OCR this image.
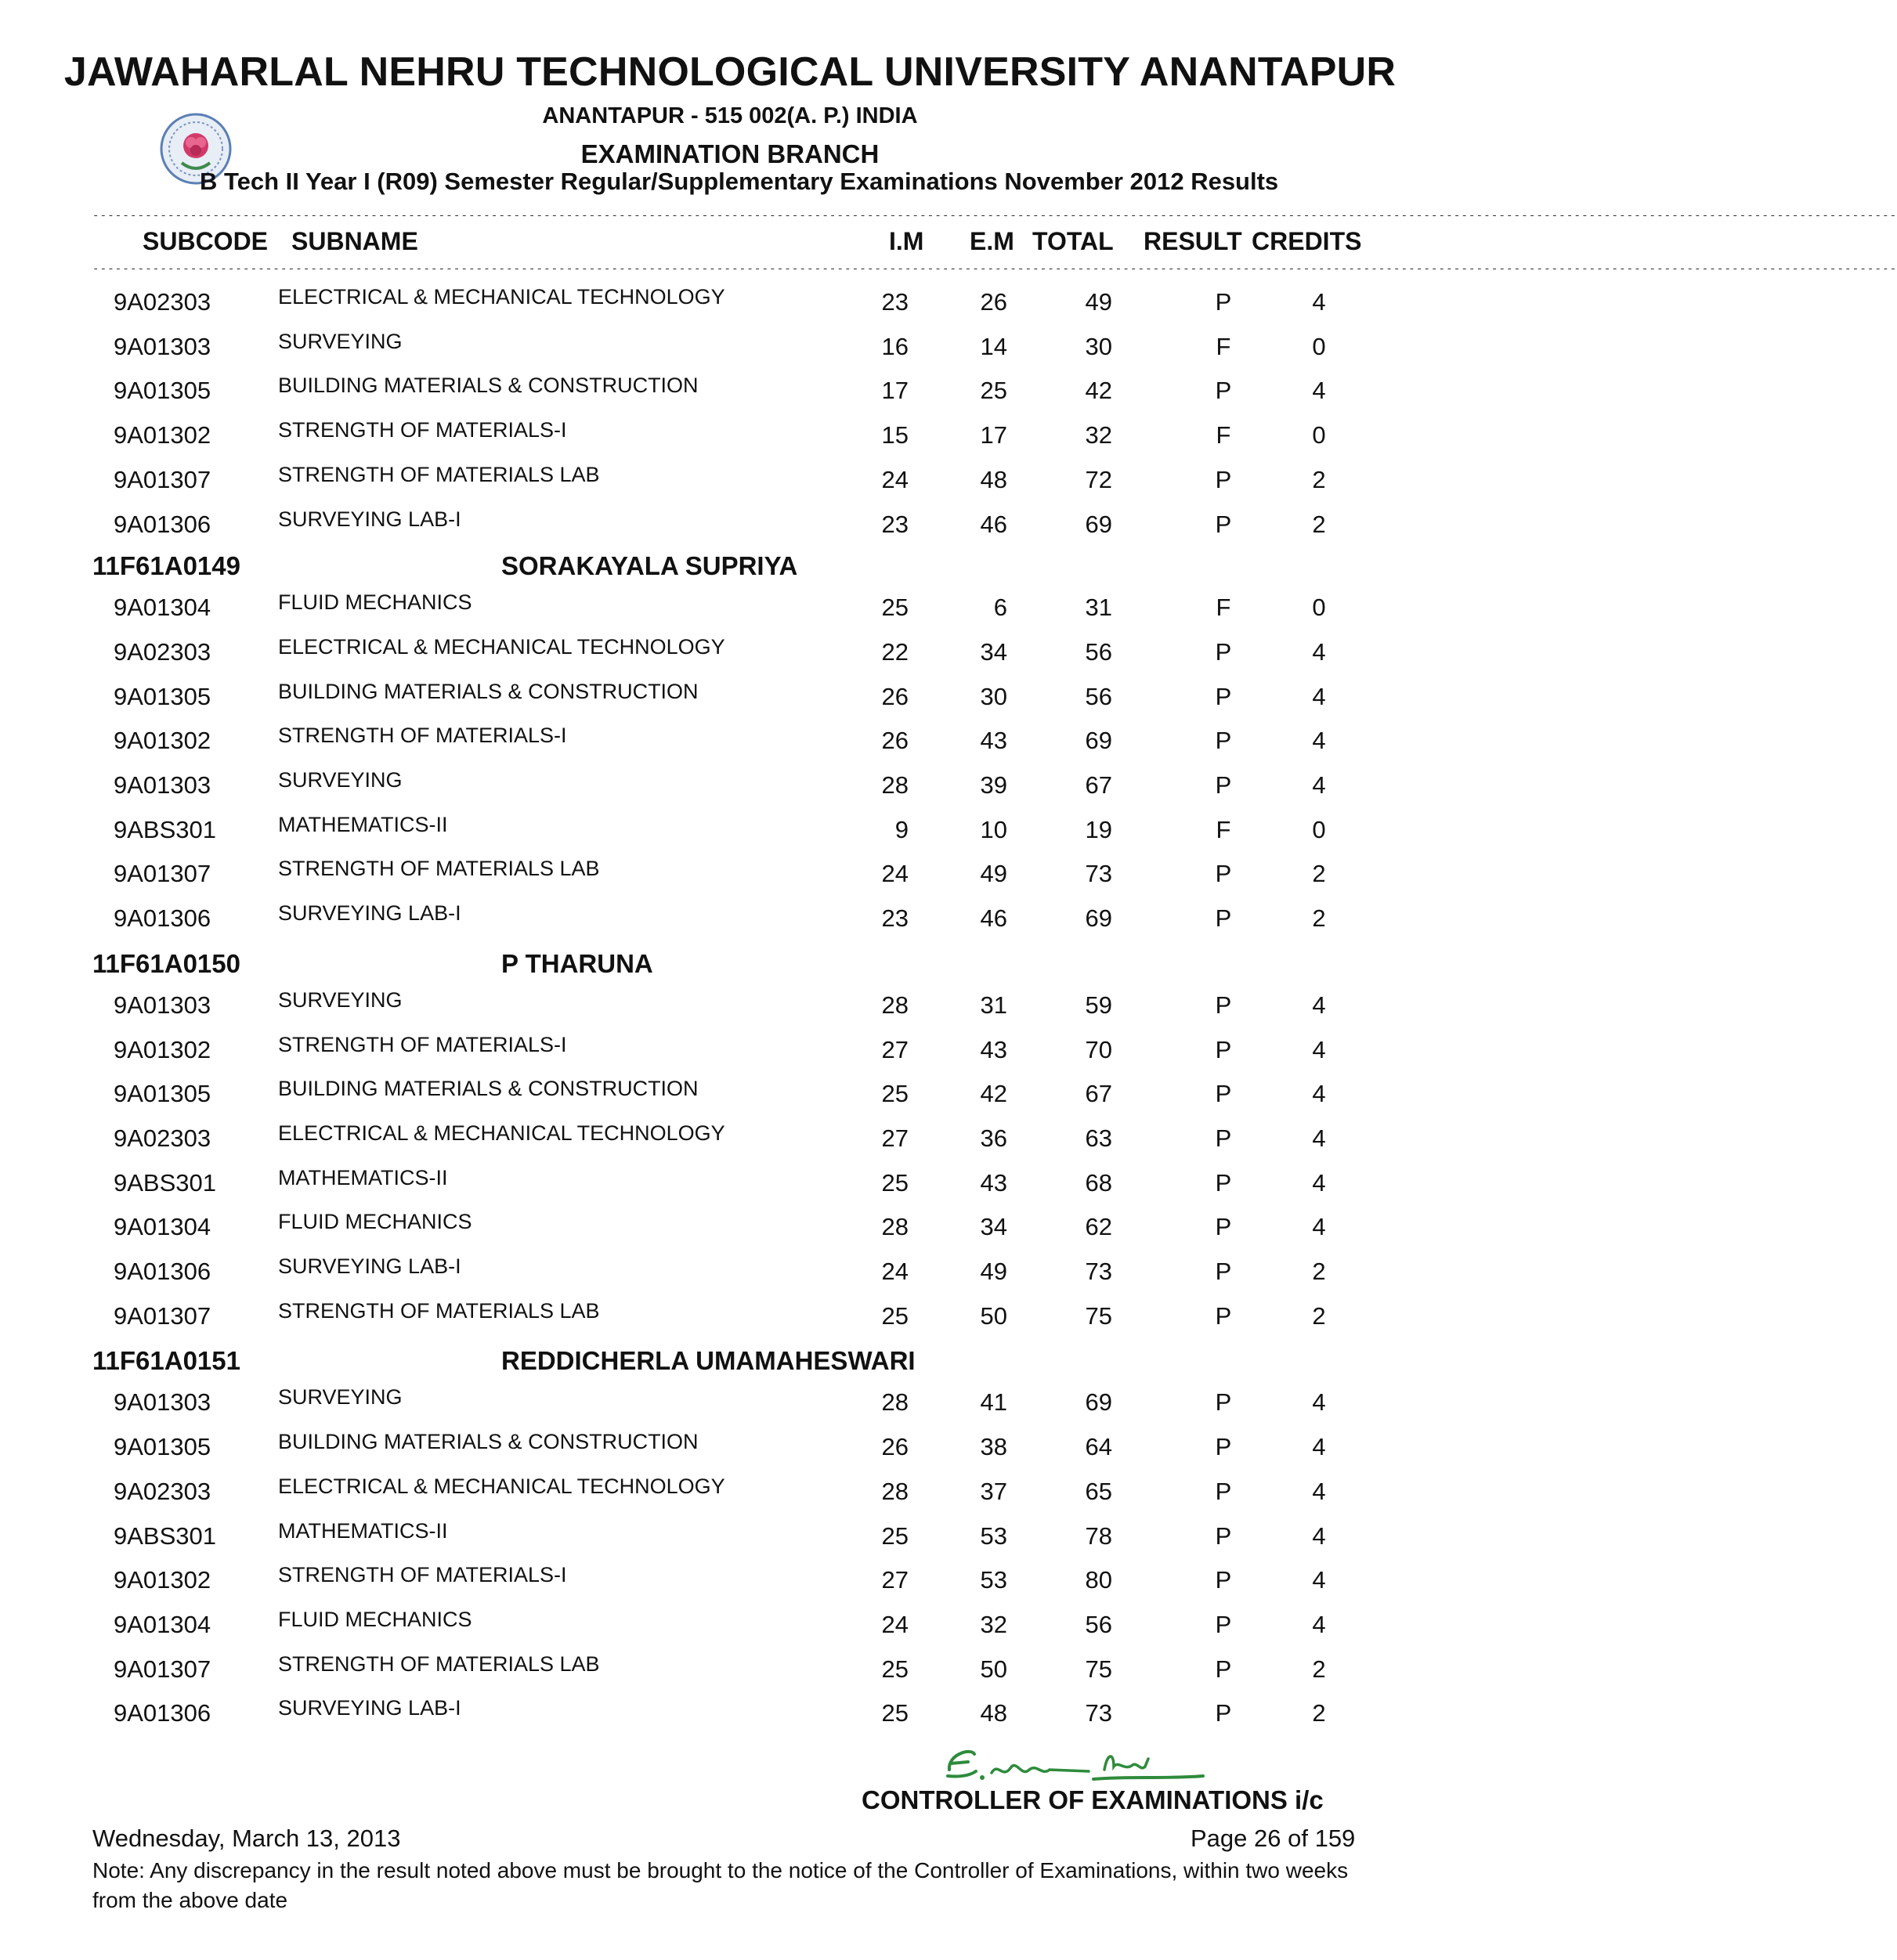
JAWAHARLAL NEHRU TECHNOLOGICAL UNIVERSITY ANANTAPUR
ANANTAPUR - 515 002(A. P.) INDIA
EXAMINATION BRANCH
B Tech II Year I (R09) Semester Regular/Supplementary Examinations November 2012 Results
------------------------------------------------------------------------------------------------------------------------------------------------------------------------------------------------------------------------------------------------
SUBCODE SUBNAME	I.M E.M TOTAL RESULT CREDITS
------------------------------------------------------------------------------------------------------------------------------------------------------------------------------------------------------------------------------------------------
9A02303	ELECTRICAL & MECHANICAL TECHNOLOGY	23	26	49	P	4
9A01303	SURVEYING	16	14	30	F	0
9A01305	BUILDING MATERIALS & CONSTRUCTION	17	25	42	P	4
9A01302	STRENGTH OF MATERIALS-I	15	17	32	F	0
9A01307	STRENGTH OF MATERIALS LAB	24	48	72	P	2
9A01306	SURVEYING LAB-I	23	46	69	P	2
11F61A0149	SORAKAYALA SUPRIYA
9A01304	FLUID MECHANICS	25	6	31	F	0
9A02303	ELECTRICAL & MECHANICAL TECHNOLOGY	22	34	56	P	4
9A01305	BUILDING MATERIALS & CONSTRUCTION	26	30	56	P	4
9A01302	STRENGTH OF MATERIALS-I	26	43	69	P	4
9A01303	SURVEYING	28	39	67	P	4
9ABS301	MATHEMATICS-II	9	10	19	F	0
9A01307	STRENGTH OF MATERIALS LAB	24	49	73	P	2
9A01306	SURVEYING LAB-I	23	46	69	P	2
11F61A0150	P THARUNA
9A01303	SURVEYING	28	31	59	P	4
9A01302	STRENGTH OF MATERIALS-I	27	43	70	P	4
9A01305	BUILDING MATERIALS & CONSTRUCTION	25	42	67	P	4
9A02303	ELECTRICAL & MECHANICAL TECHNOLOGY	27	36	63	P	4
9ABS301	MATHEMATICS-II	25	43	68	P	4
9A01304	FLUID MECHANICS	28	34	62	P	4
9A01306	SURVEYING LAB-I	24	49	73	P	2
9A01307	STRENGTH OF MATERIALS LAB	25	50	75	P	2
11F61A0151	REDDICHERLA UMAMAHESWARI
9A01303	SURVEYING	28	41	69	P	4
9A01305	BUILDING MATERIALS & CONSTRUCTION	26	38	64	P	4
9A02303	ELECTRICAL & MECHANICAL TECHNOLOGY	28	37	65	P	4
9ABS301	MATHEMATICS-II	25	53	78	P	4
9A01302	STRENGTH OF MATERIALS-I	27	53	80	P	4
9A01304	FLUID MECHANICS	24	32	56	P	4
9A01307	STRENGTH OF MATERIALS LAB	25	50	75	P	2
9A01306	SURVEYING LAB-I	25	48	73	P	2
CONTROLLER OF EXAMINATIONS i/c
Wednesday, March 13, 2013	Page 26 of 159
Note: Any discrepancy in the result noted above must be brought to the notice of the Controller of Examinations, within two weeks from the above date
